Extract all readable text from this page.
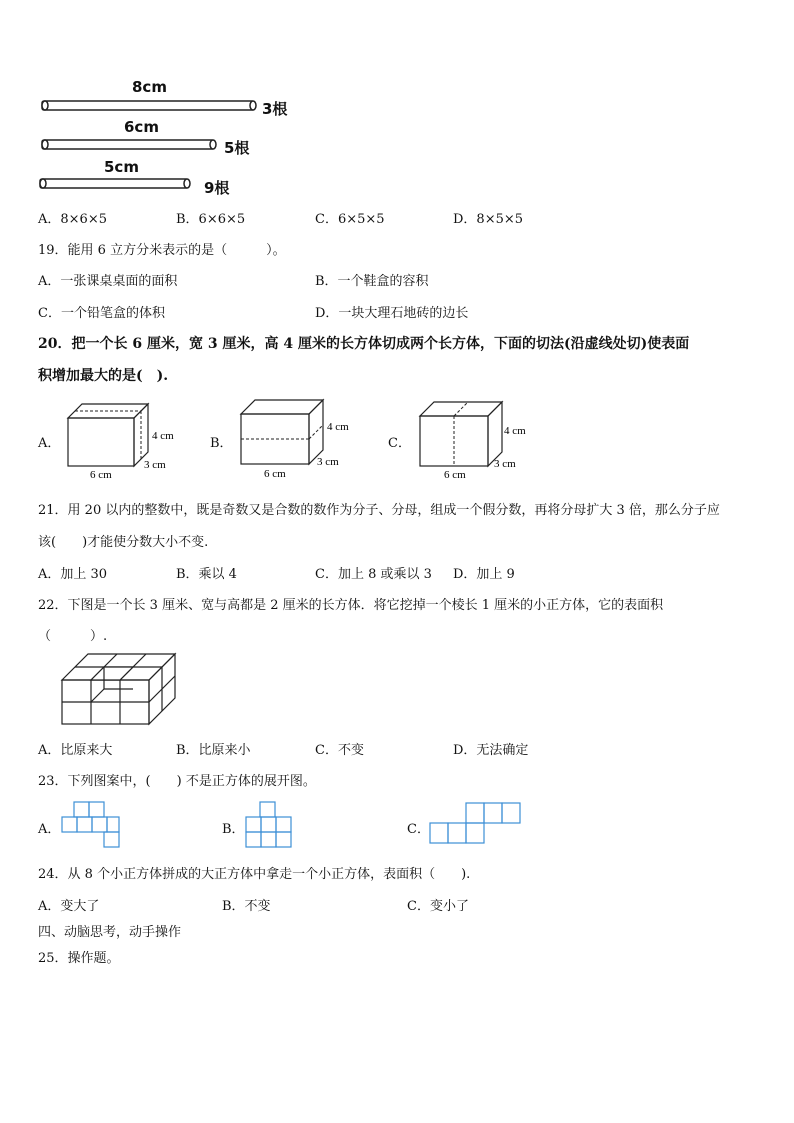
8cm
3根
6cm
5根
5cm
9根
A．8×6×5	B．6×6×5	C．6×5×5	D．8×5×5
19．能用 6 立方分米表示的是（　　　）。
A．一张课桌桌面的面积	B．一个鞋盒的容积
C．一个铅笔盒的体积	D．一块大理石地砖的边长
20．把一个长 6 厘米，宽 3 厘米，高 4 厘米的长方体切成两个长方体，下面的切法(沿虚线处切)使表面
积增加最大的是(　).
A．	4 cm
3 cm
6 cm
B．
4 cm
3 cm
6 cm
C．
4 cm
3 cm
6 cm
21．用 20 以内的整数中，既是奇数又是合数的数作为分子、分母，组成一个假分数，再将分母扩大 3 倍，那么分子应
该(　　)才能使分数大小不变.
A．加上 30	B．乘以 4	C．加上 8 或乘以 3 D．加上 9
22．下图是一个长 3 厘米、宽与高都是 2 厘米的长方体．将它挖掉一个棱长 1 厘米的小正方体，它的表面积
（　　　）.
A．比原来大	B．比原来小	C．不变	D．无法确定
23．下列图案中，(　　) 不是正方体的展开图。
A．	B．	C．
24．从 8 个小正方体拼成的大正方体中拿走一个小正方体，表面积（　　).
A．变大了	B．不变	C．变小了
四、动脑思考，动手操作
25．操作题。
